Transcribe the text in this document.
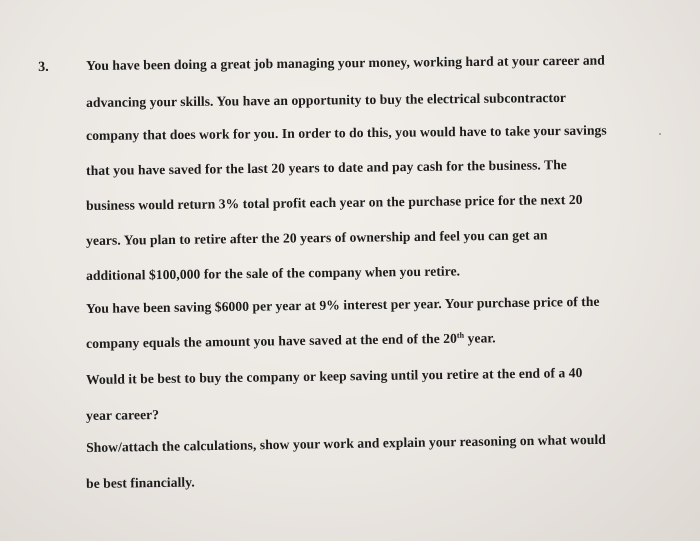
3.	You have been doing a great job managing your money, working hard at your career and

advancing your skills. You have an opportunity to buy the electrical subcontractor

company that does work for you. In order to do this, you would have to take your savings

that you have saved for the last 20 years to date and pay cash for the business. The

business would return 3% total profit each year on the purchase price for the next 20

years. You plan to retire after the 20 years of ownership and feel you can get an

additional $100,000 for the sale of the company when you retire.

You have been saving $6000 per year at 9% interest per year. Your purchase price of the

company equals the amount you have saved at the end of the 20th year.

Would it be best to buy the company or keep saving until you retire at the end of a 40

year career?

Show/attach the calculations, show your work and explain your reasoning on what would

be best financially.
